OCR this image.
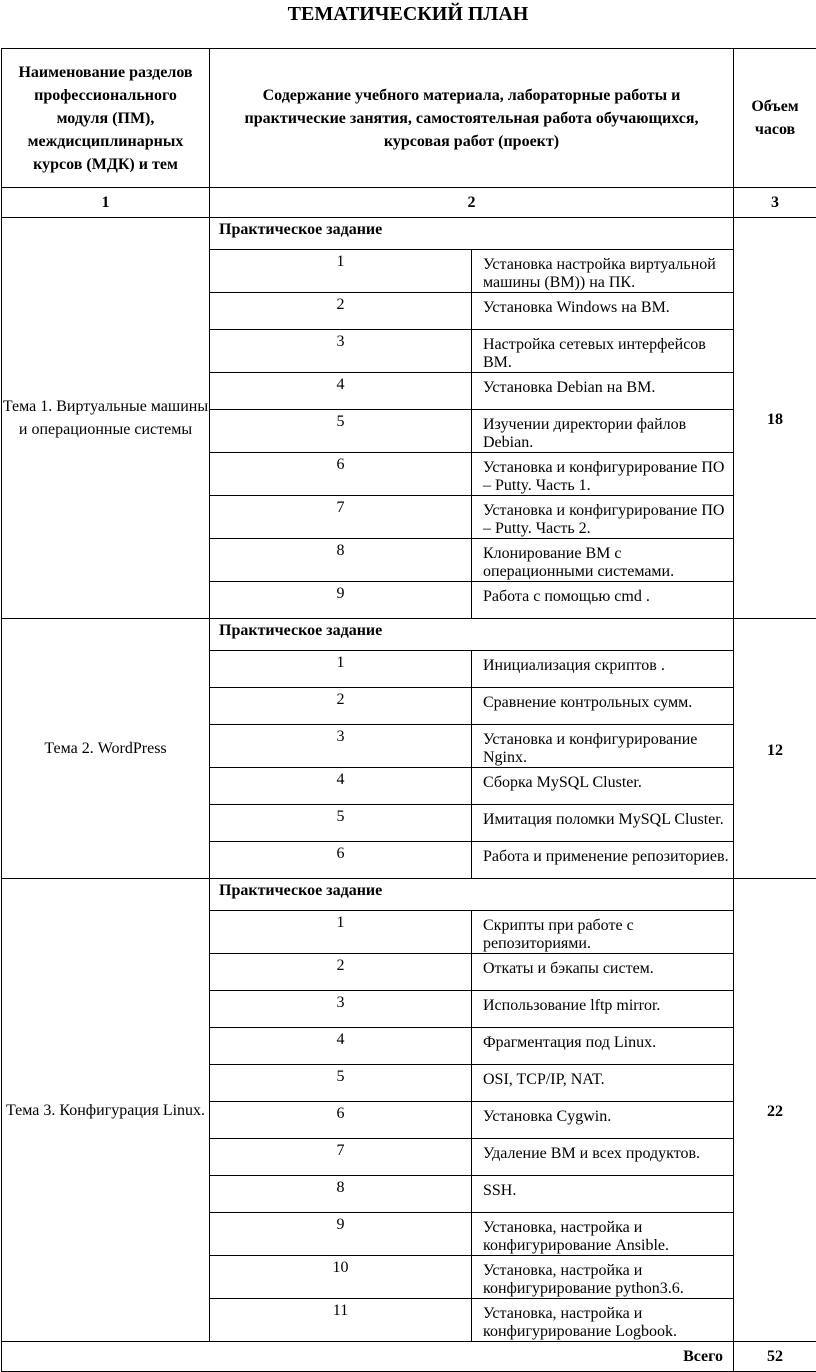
ТЕМАТИЧЕСКИЙ ПЛАН
Наименование разделов профессионального модуля (ПМ), междисциплинарных курсов (МДК) и тем	Содержание учебного материала, лабораторные работы и практические занятия, самостоятельная работа обучающихся, курсовая работ (проект)	Объем часов
1	2	3
Тема 1. Виртуальные машины и операционные системы	
Практическое задание
1	Установка настройка виртуальной машины (ВМ)) на ПК.
2	Установка Windows на ВМ.
3	Настройка сетевых интерфейсов ВМ.
4	Установка Debian на ВМ.
5	Изучении директории файлов Debian.
6	Установка и конфигурирование ПО – Putty. Часть 1.
7	Установка и конфигурирование ПО – Putty. Часть 2.
8	Клонирование ВМ с операционными системами.
9	Работа с помощью cmd .

18

Тема 2. WordPress	
Практическое задание
1	Инициализация скриптов .
2	Сравнение контрольных сумм.
3	Установка и конфигурирование Nginx.
4	Сборка MySQL Cluster.
5	Имитация поломки MySQL Cluster.
6	Работа и применение репозиториев.

12

Тема 3. Конфигурация Linux.	
Практическое задание
1	Скрипты при работе с репозиториями.
2	Откаты и бэкапы систем.
3	Использование lftp mirror.
4	Фрагментация под Linux.
5	OSI, TCP/IP, NAT.
6	Установка Cygwin.
7	Удаление ВМ и всех продуктов.
8	SSH.
9	Установка, настройка и конфигурирование Ansible.
10	Установка, настройка и конфигурирование python3.6.
11	Установка, настройка и конфигурирование Logbook.

22

Всего	52
